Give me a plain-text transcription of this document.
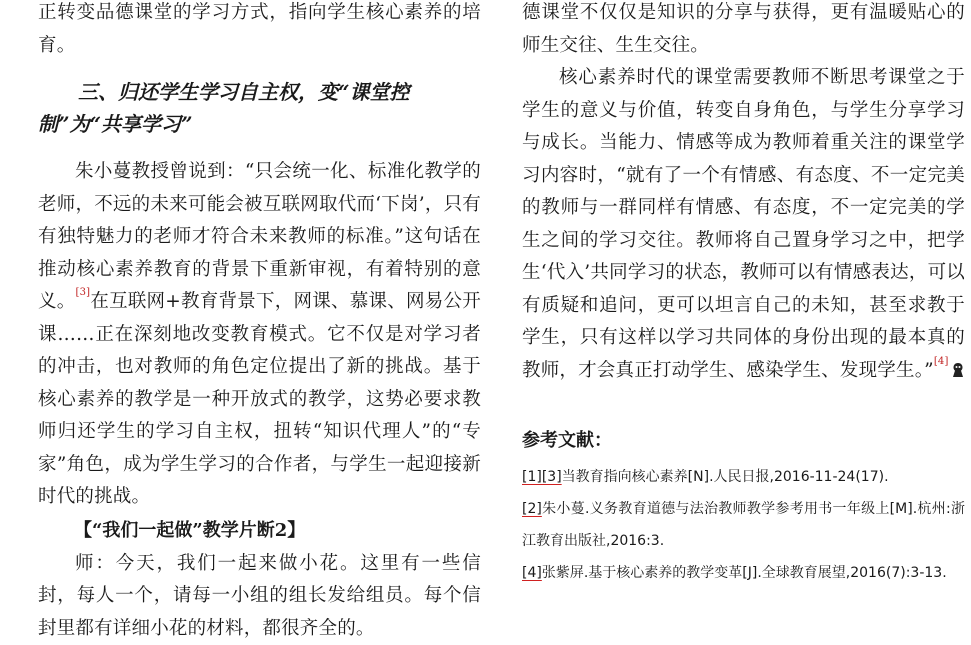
正转变品德课堂的学习方式，指向学生核心素养的培育。

三、归还学生学习自主权，变“课堂控制”为“共享学习”

朱小蔓教授曾说到：“只会统一化、标准化教学的老师，不远的未来可能会被互联网取代而‘下岗’，只有有独特魅力的老师才符合未来教师的标准。”这句话在推动核心素养教育的背景下重新审视，有着特别的意义。[3]在互联网+教育背景下，网课、慕课、网易公开课……正在深刻地改变教育模式。它不仅是对学习者的冲击，也对教师的角色定位提出了新的挑战。基于核心素养的教学是一种开放式的教学，这势必要求教师归还学生的学习自主权，扭转“知识代理人”的“专家”角色，成为学生学习的合作者，与学生一起迎接新时代的挑战。

【“我们一起做”教学片断2】

师：今天，我们一起来做小花。这里有一些信封，每人一个，请每一小组的组长发给组员。每个信封里都有详细小花的材料，都很齐全的。

德课堂不仅仅是知识的分享与获得，更有温暖贴心的师生交往、生生交往。

核心素养时代的课堂需要教师不断思考课堂之于学生的意义与价值，转变自身角色，与学生分享学习与成长。当能力、情感等成为教师着重关注的课堂学习内容时，“就有了一个有情感、有态度、不一定完美的教师与一群同样有情感、有态度，不一定完美的学生之间的学习交往。教师将自己置身学习之中，把学生‘代入’共同学习的状态，教师可以有情感表达，可以有质疑和追问，更可以坦言自己的未知，甚至求教于学生，只有这样以学习共同体的身份出现的最本真的教师，才会真正打动学生、感染学生、发现学生。”[4]

参考文献：

[1][3]当教育指向核心素养[N].人民日报,2016-11-24(17).

[2]朱小蔓.义务教育道德与法治教师教学参考用书一年级上[M].杭州:浙江教育出版社,2016:3.

[4]张紫屏.基于核心素养的教学变革[J].全球教育展望,2016(7):3-13.
